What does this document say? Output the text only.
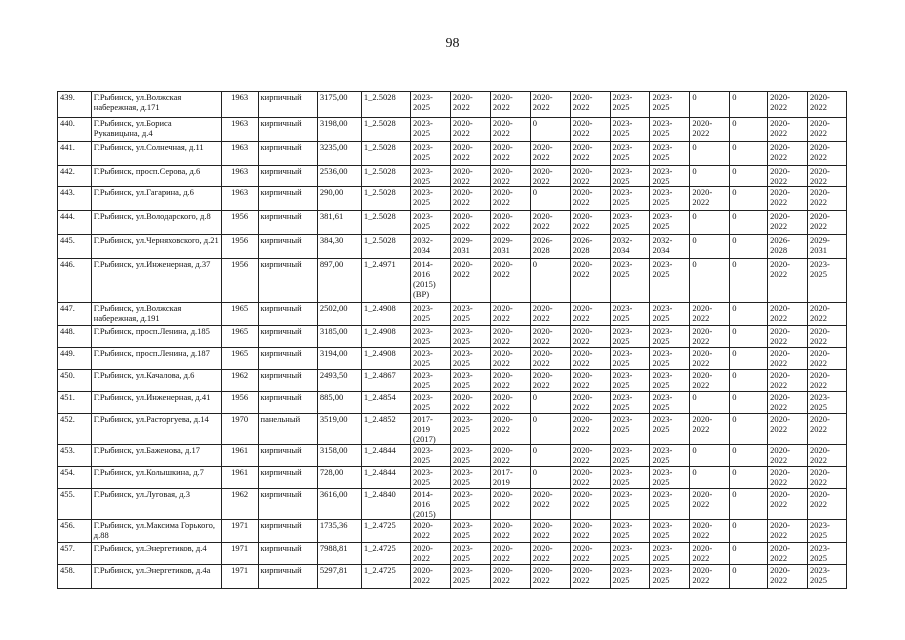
98
439.	Г.Рыбинск, ул.Волжская набережная, д.171	1963	кирпичный	3175,00	1_2.5028	2023-2025	2020-2022	2020-2022	2020-2022	2020-2022	2023-2025	2023-2025	0	0	2020-2022	2020-2022
440.	Г.Рыбинск, ул.Бориса Рукавицына, д.4	1963	кирпичный	3198,00	1_2.5028	2023-2025	2020-2022	2020-2022	0	2020-2022	2023-2025	2023-2025	2020-2022	0	2020-2022	2020-2022
441.	Г.Рыбинск, ул.Солнечная, д.11	1963	кирпичный	3235,00	1_2.5028	2023-2025	2020-2022	2020-2022	2020-2022	2020-2022	2023-2025	2023-2025	0	0	2020-2022	2020-2022
442.	Г.Рыбинск, просп.Серова, д.6	1963	кирпичный	2536,00	1_2.5028	2023-2025	2020-2022	2020-2022	2020-2022	2020-2022	2023-2025	2023-2025	0	0	2020-2022	2020-2022
443.	Г.Рыбинск, ул.Гагарина, д.6	1963	кирпичный	290,00	1_2.5028	2023-2025	2020-2022	2020-2022	0	2020-2022	2023-2025	2023-2025	2020-2022	0	2020-2022	2020-2022
444.	Г.Рыбинск, ул.Володарского, д.8	1956	кирпичный	381,61	1_2.5028	2023-2025	2020-2022	2020-2022	2020-2022	2020-2022	2023-2025	2023-2025	0	0	2020-2022	2020-2022
445.	Г.Рыбинск, ул.Черняховского, д.21	1956	кирпичный	384,30	1_2.5028	2032-2034	2029-2031	2029-2031	2026-2028	2026-2028	2032-2034	2032-2034	0	0	2026-2028	2029-2031
446.	Г.Рыбинск, ул.Инженерная, д.37	1956	кирпичный	897,00	1_2.4971	2014-2016 (2015) (ВР)	2020-2022	2020-2022	0	2020-2022	2023-2025	2023-2025	0	0	2020-2022	2023-2025
447.	Г.Рыбинск, ул.Волжская набережная, д.191	1965	кирпичный	2502,00	1_2.4908	2023-2025	2023-2025	2020-2022	2020-2022	2020-2022	2023-2025	2023-2025	2020-2022	0	2020-2022	2020-2022
448.	Г.Рыбинск, просп.Ленина, д.185	1965	кирпичный	3185,00	1_2.4908	2023-2025	2023-2025	2020-2022	2020-2022	2020-2022	2023-2025	2023-2025	2020-2022	0	2020-2022	2020-2022
449.	Г.Рыбинск, просп.Ленина, д.187	1965	кирпичный	3194,00	1_2.4908	2023-2025	2023-2025	2020-2022	2020-2022	2020-2022	2023-2025	2023-2025	2020-2022	0	2020-2022	2020-2022
450.	Г.Рыбинск, ул.Качалова, д.6	1962	кирпичный	2493,50	1_2.4867	2023-2025	2023-2025	2020-2022	2020-2022	2020-2022	2023-2025	2023-2025	2020-2022	0	2020-2022	2020-2022
451.	Г.Рыбинск, ул.Инженерная, д.41	1956	кирпичный	885,00	1_2.4854	2023-2025	2020-2022	2020-2022	0	2020-2022	2023-2025	2023-2025	0	0	2020-2022	2023-2025
452.	Г.Рыбинск, ул.Расторгуева, д.14	1970	панельный	3519,00	1_2.4852	2017-2019 (2017)	2023-2025	2020-2022	0	2020-2022	2023-2025	2023-2025	2020-2022	0	2020-2022	2020-2022
453.	Г.Рыбинск, ул.Баженова, д.17	1961	кирпичный	3158,00	1_2.4844	2023-2025	2023-2025	2020-2022	0	2020-2022	2023-2025	2023-2025	0	0	2020-2022	2020-2022
454.	Г.Рыбинск, ул.Колышкина, д.7	1961	кирпичный	728,00	1_2.4844	2023-2025	2023-2025	2017-2019	0	2020-2022	2023-2025	2023-2025	0	0	2020-2022	2020-2022
455.	Г.Рыбинск, ул.Луговая, д.3	1962	кирпичный	3616,00	1_2.4840	2014-2016 (2015)	2023-2025	2020-2022	2020-2022	2020-2022	2023-2025	2023-2025	2020-2022	0	2020-2022	2020-2022
456.	Г.Рыбинск, ул.Максима Горького, д.88	1971	кирпичный	1735,36	1_2.4725	2020-2022	2023-2025	2020-2022	2020-2022	2020-2022	2023-2025	2023-2025	2020-2022	0	2020-2022	2023-2025
457.	Г.Рыбинск, ул.Энергетиков, д.4	1971	кирпичный	7988,81	1_2.4725	2020-2022	2023-2025	2020-2022	2020-2022	2020-2022	2023-2025	2023-2025	2020-2022	0	2020-2022	2023-2025
458.	Г.Рыбинск, ул.Энергетиков, д.4а	1971	кирпичный	5297,81	1_2.4725	2020-2022	2023-2025	2020-2022	2020-2022	2020-2022	2023-2025	2023-2025	2020-2022	0	2020-2022	2023-2025
